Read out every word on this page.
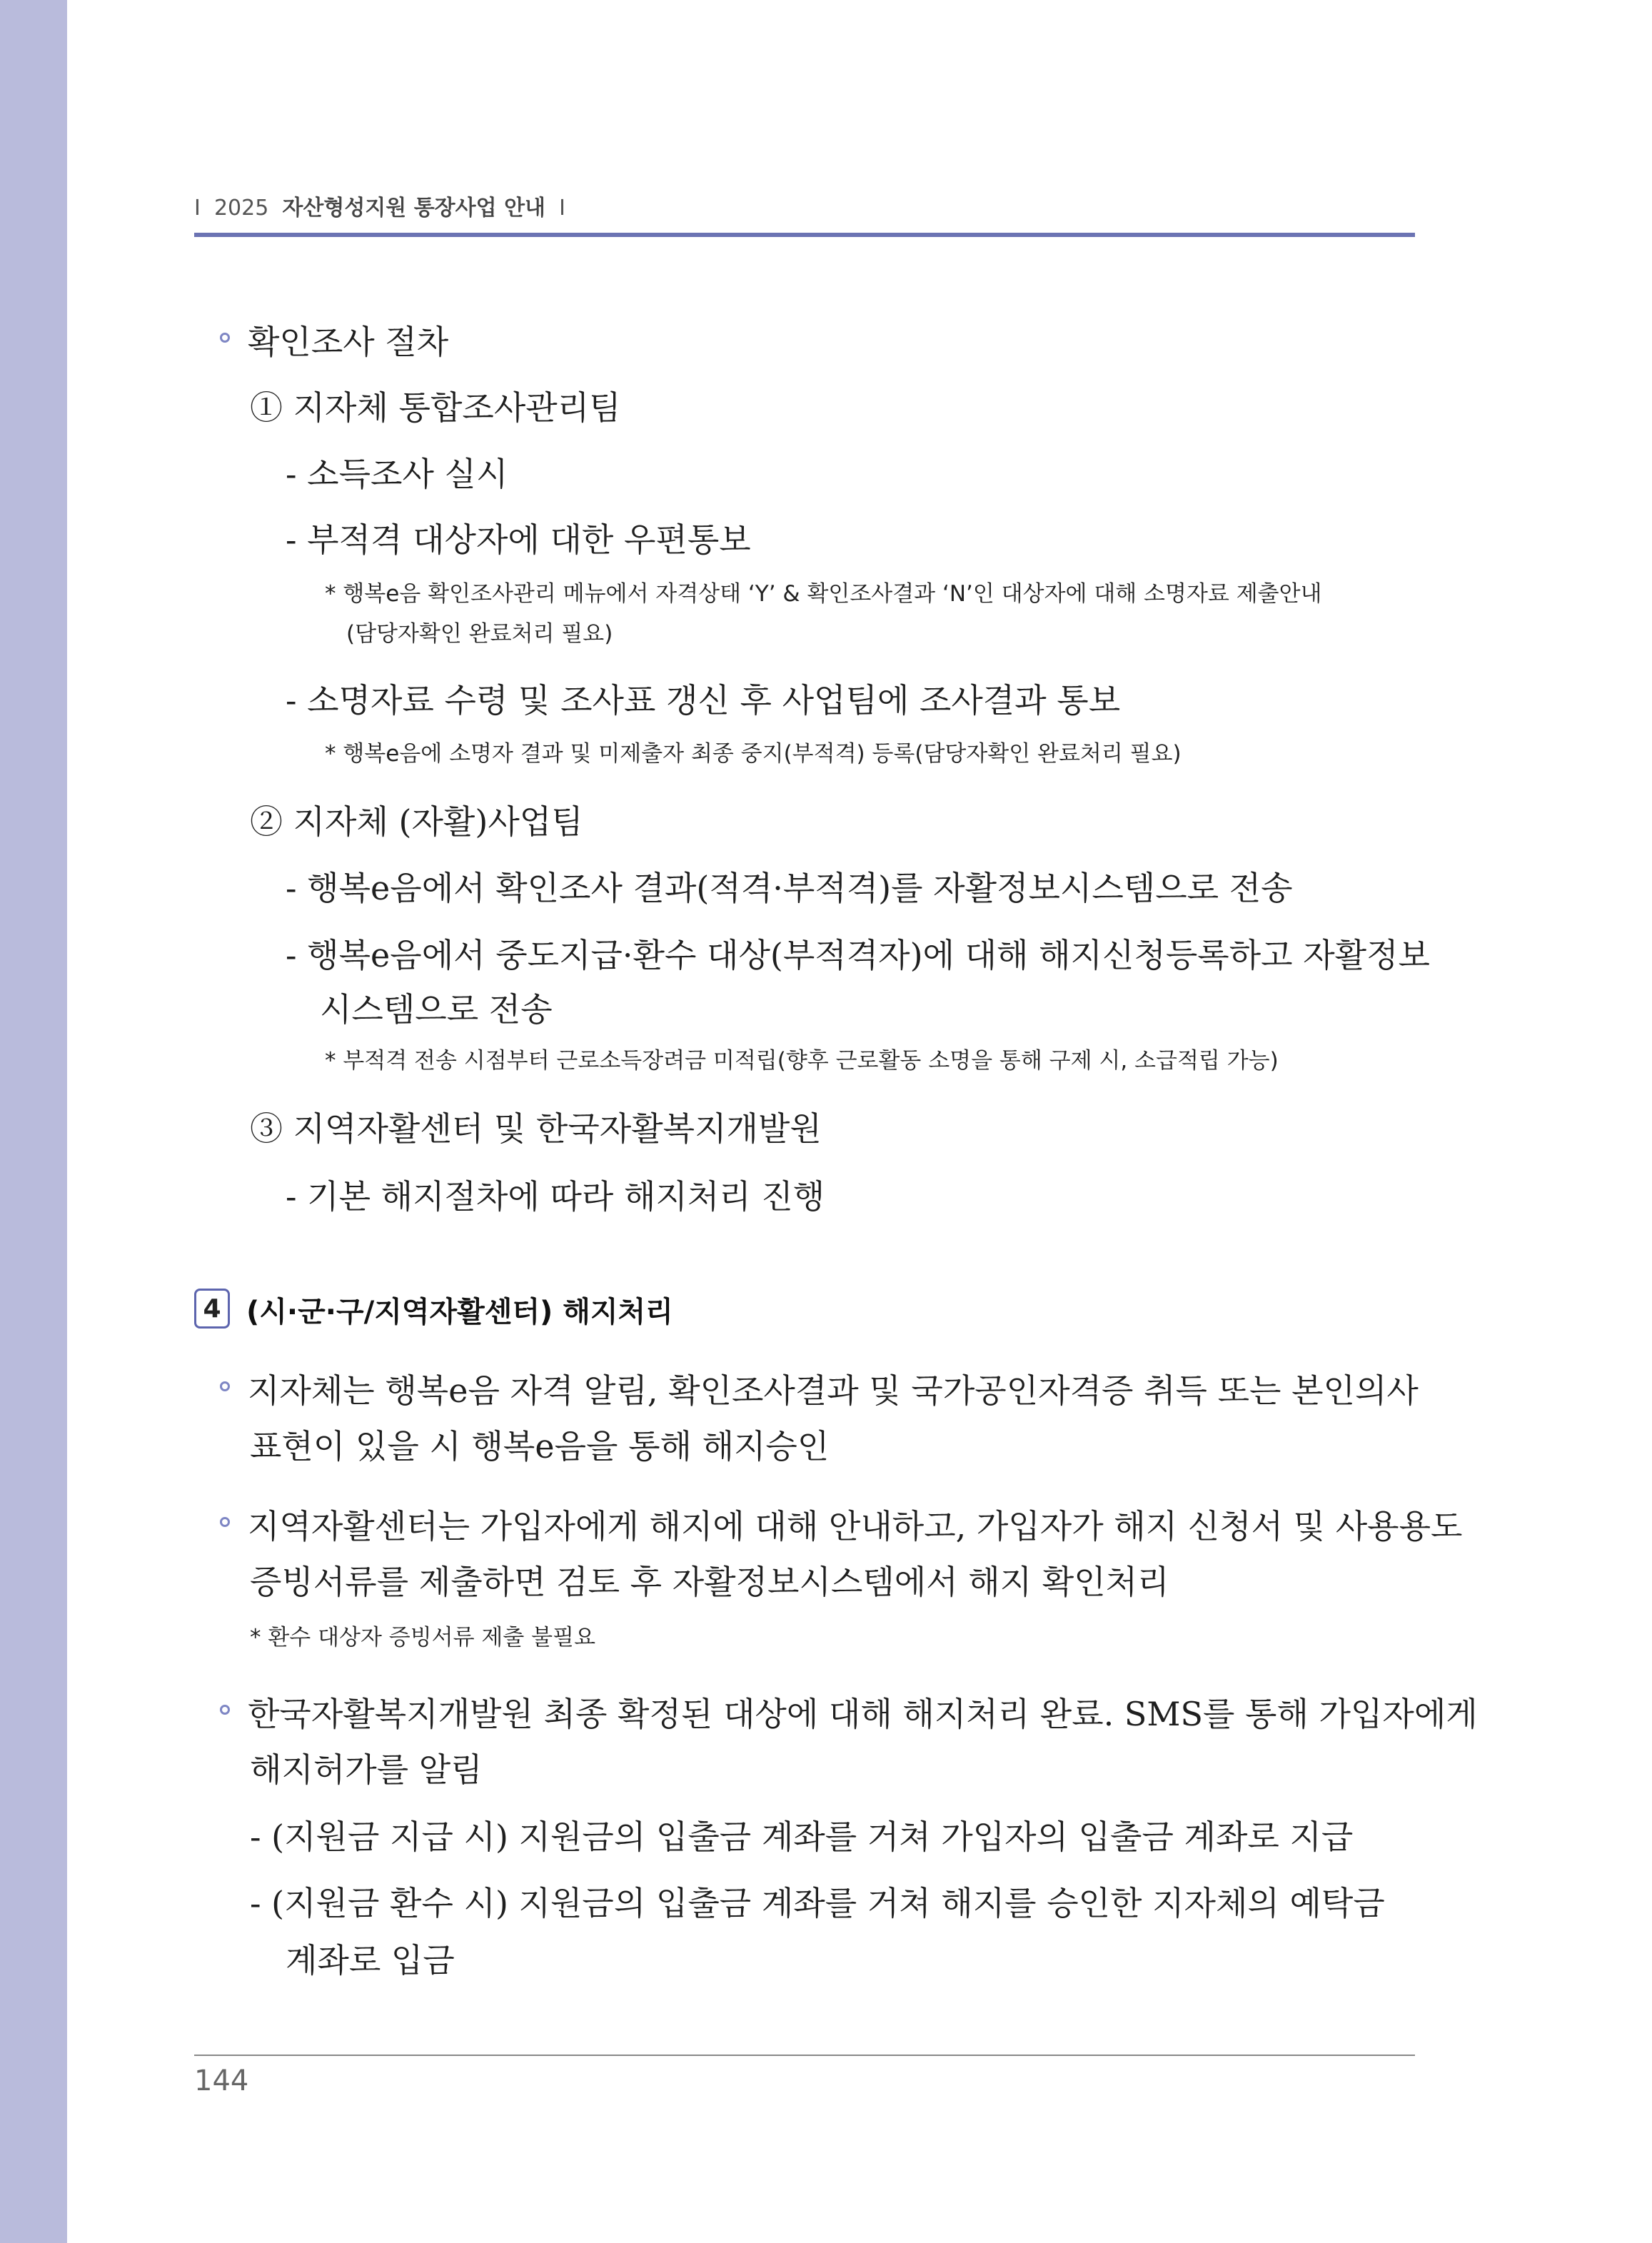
I 2025 자산형성지원 통장사업 안내 I
확인조사 절차
① 지자체 통합조사관리팀
- 소득조사 실시
- 부적격 대상자에 대한 우편통보
* 행복e음 확인조사관리 메뉴에서 자격상태 ‘Y’ & 확인조사결과 ‘N’인 대상자에 대해 소명자료 제출안내
(담당자확인 완료처리 필요)
- 소명자료 수령 및 조사표 갱신 후 사업팀에 조사결과 통보
* 행복e음에 소명자 결과 및 미제출자 최종 중지(부적격) 등록(담당자확인 완료처리 필요)
② 지자체 (자활)사업팀
- 행복e음에서 확인조사 결과(적격·부적격)를 자활정보시스템으로 전송
- 행복e음에서 중도지급·환수 대상(부적격자)에 대해 해지신청등록하고 자활정보
시스템으로 전송
* 부적격 전송 시점부터 근로소득장려금 미적립(향후 근로활동 소명을 통해 구제 시, 소급적립 가능)
③ 지역자활센터 및 한국자활복지개발원
- 기본 해지절차에 따라 해지처리 진행
4 (시·군·구/지역자활센터) 해지처리
지자체는 행복e음 자격 알림, 확인조사결과 및 국가공인자격증 취득 또는 본인의사
표현이 있을 시 행복e음을 통해 해지승인
지역자활센터는 가입자에게 해지에 대해 안내하고, 가입자가 해지 신청서 및 사용용도
증빙서류를 제출하면 검토 후 자활정보시스템에서 해지 확인처리
* 환수 대상자 증빙서류 제출 불필요
한국자활복지개발원 최종 확정된 대상에 대해 해지처리 완료. SMS를 통해 가입자에게
해지허가를 알림
- (지원금 지급 시) 지원금의 입출금 계좌를 거쳐 가입자의 입출금 계좌로 지급
- (지원금 환수 시) 지원금의 입출금 계좌를 거쳐 해지를 승인한 지자체의 예탁금
계좌로 입금
144
